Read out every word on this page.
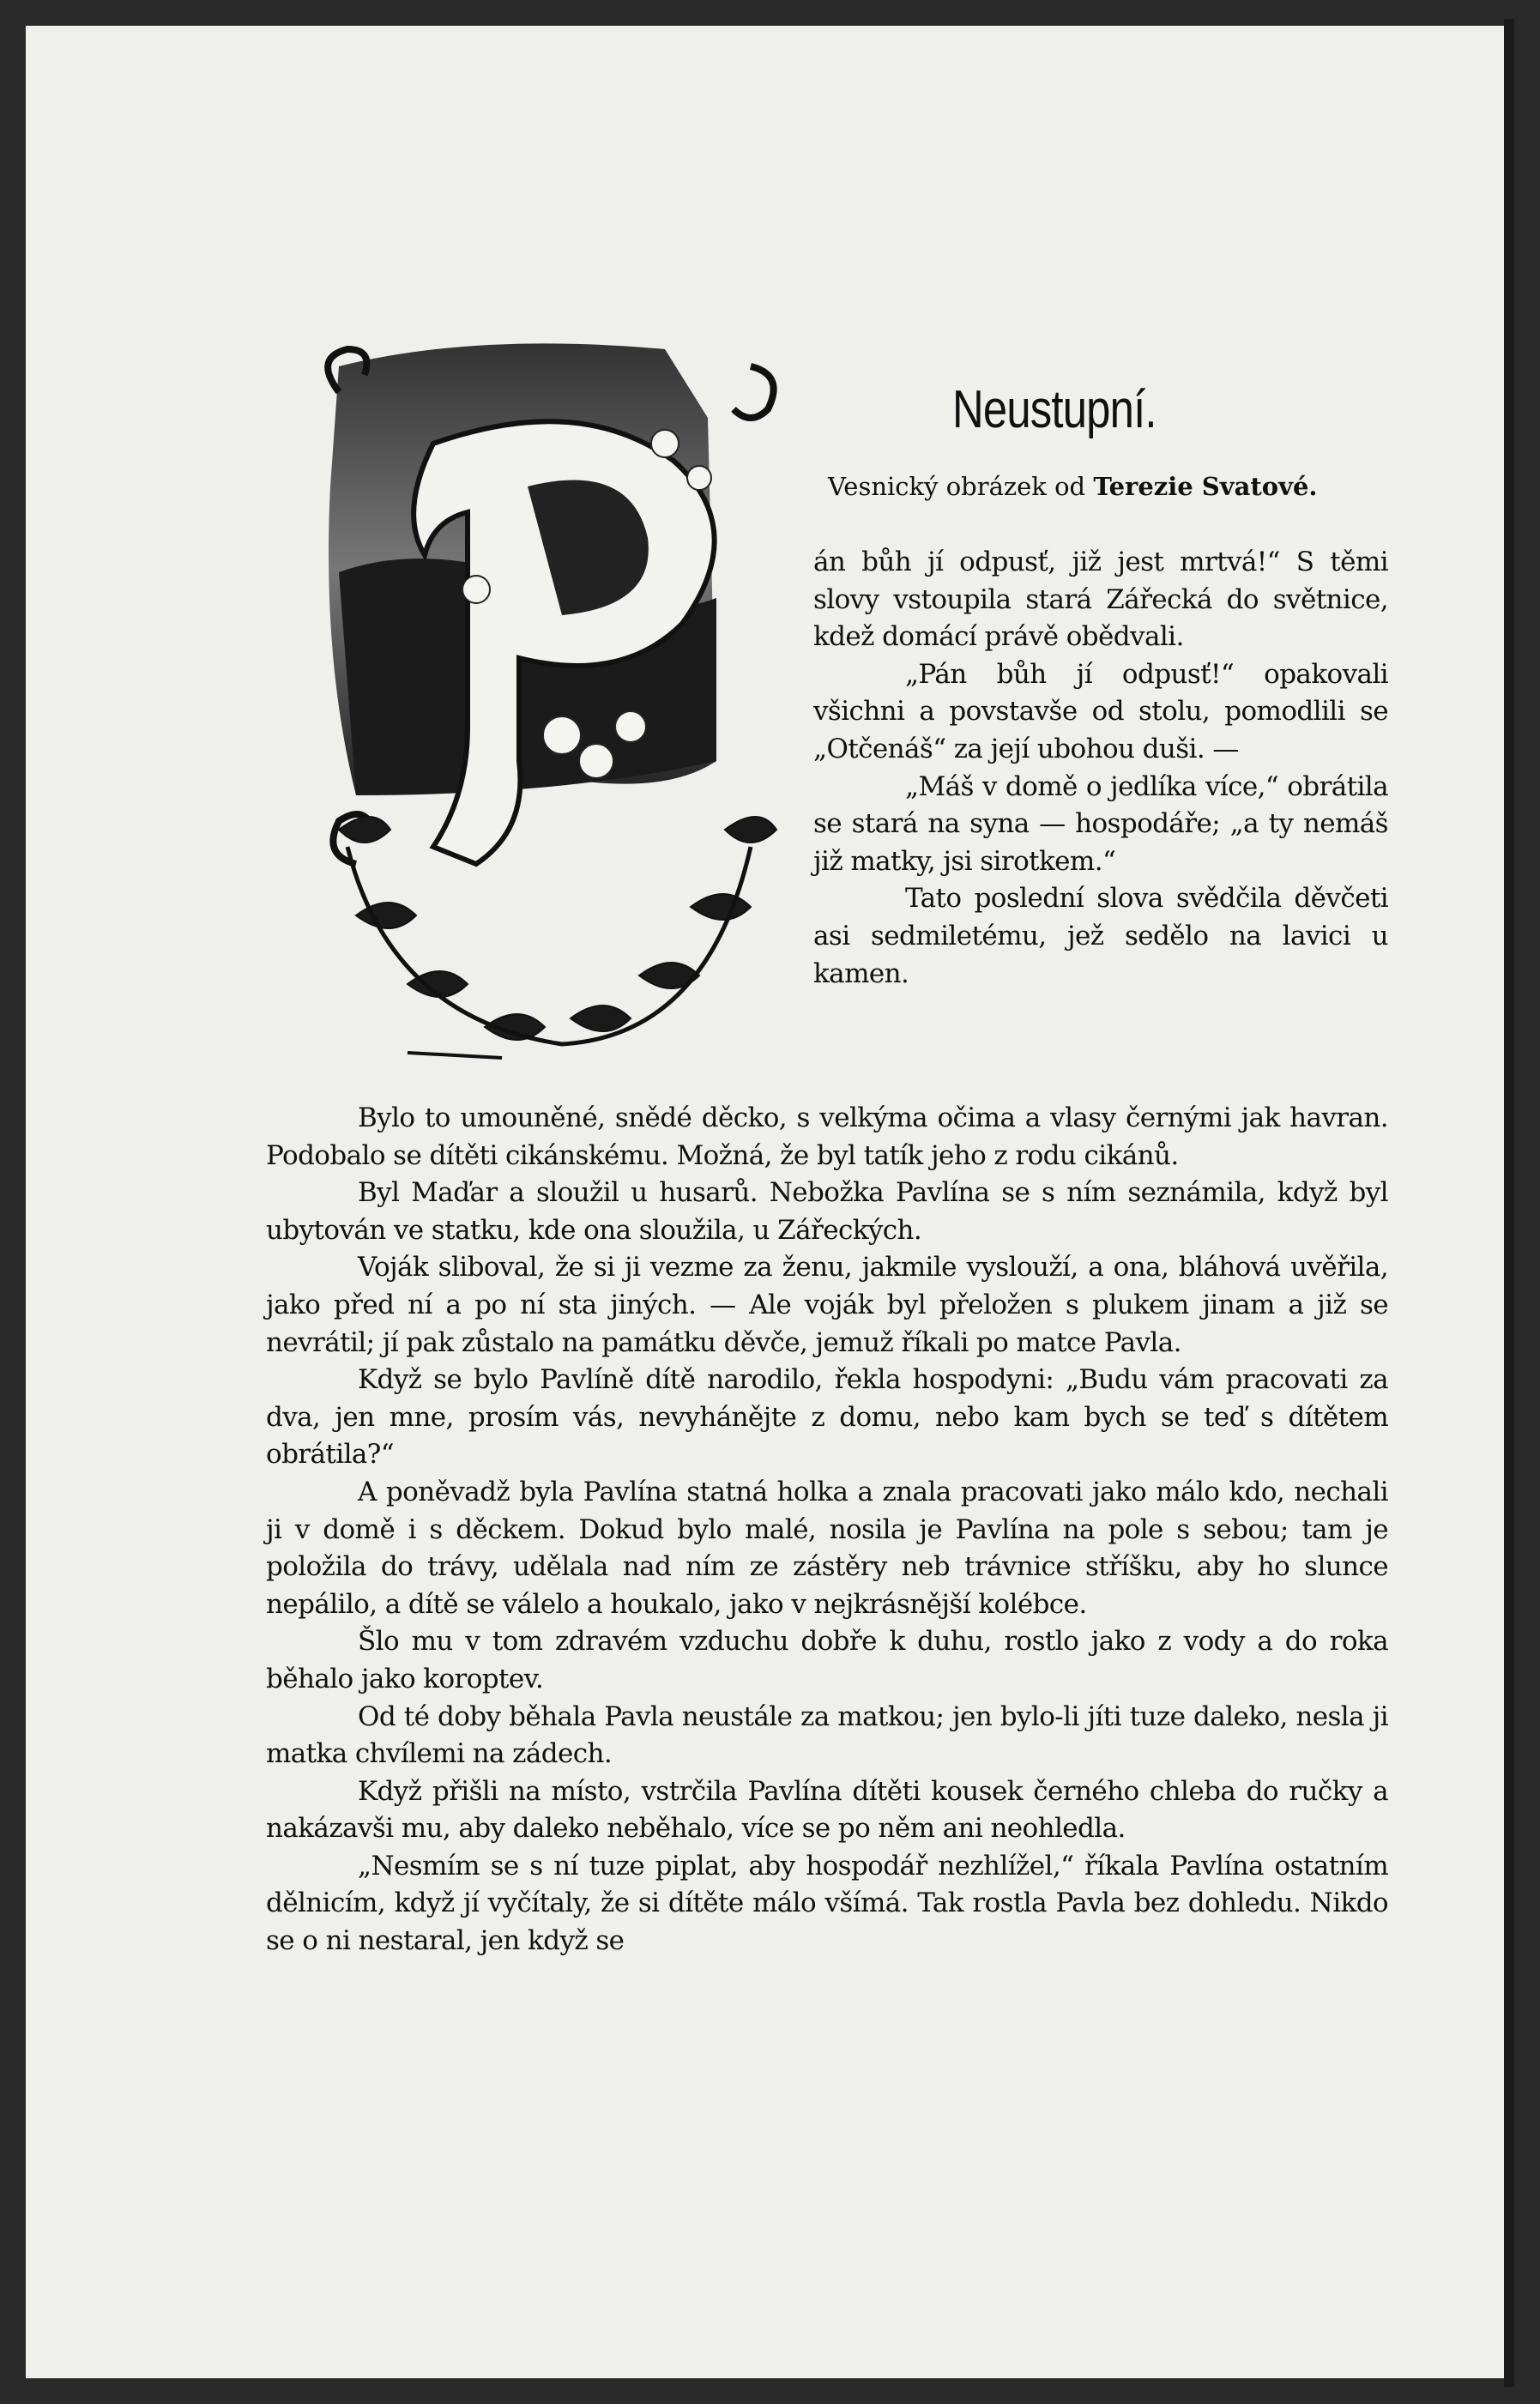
Neustupní.
Vesnický obrázek od Terezie Svatové.

án bůh jí odpusť, již jest mrtvá!“ S těmi slovy vstoupila stará Zářecká do světnice, kdež domácí právě obědvali.

„Pán bůh jí odpusť!“ opakovali všichni a povstavše od stolu, pomodlili se „Otčenáš“ za její ubohou duši. —

„Máš v domě o jedlíka více,“ obrátila se stará na syna — hospodáře; „a ty nemáš již matky, jsi sirotkem.“

Tato poslední slova svědčila děvčeti asi sedmiletému, jež sedělo na lavici u kamen.

Bylo to umouněné, snědé děcko, s velkýma očima a vlasy černými jak havran. Podobalo se dítěti cikánskému. Možná, že byl tatík jeho z rodu cikánů.

Byl Maďar a sloužil u husarů. Nebožka Pavlína se s ním seznámila, když byl ubytován ve statku, kde ona sloužila, u Zářeckých.

Voják sliboval, že si ji vezme za ženu, jakmile vyslouží, a ona, bláhová uvěřila, jako před ní a po ní sta jiných. — Ale voják byl přeložen s plukem jinam a již se nevrátil; jí pak zůstalo na památku děvče, jemuž říkali po matce Pavla.

Když se bylo Pavlíně dítě narodilo, řekla hospodyni: „Budu vám pracovati za dva, jen mne, prosím vás, nevyhánějte z domu, nebo kam bych se teď s dítětem obrátila?“

A poněvadž byla Pavlína statná holka a znala pracovati jako málo kdo, nechali ji v domě i s děckem. Dokud bylo malé, nosila je Pavlína na pole s sebou; tam je položila do trávy, udělala nad ním ze zástěry neb trávnice stříšku, aby ho slunce nepálilo, a dítě se válelo a houkalo, jako v nejkrásnější kolébce.

Šlo mu v tom zdravém vzduchu dobře k duhu, rostlo jako z vody a do roka běhalo jako koroptev.

Od té doby běhala Pavla neustále za matkou; jen bylo-li jíti tuze daleko, nesla ji matka chvílemi na zádech.

Když přišli na místo, vstrčila Pavlína dítěti kousek černého chleba do ručky a nakázavši mu, aby daleko neběhalo, více se po něm ani neohledla.

„Nesmím se s ní tuze piplat, aby hospodář nezhlížel,“ říkala Pavlína ostatním dělnicím, když jí vyčítaly, že si dítěte málo všímá. Tak rostla Pavla bez dohledu. Nikdo se o ni nestaral, jen když se
